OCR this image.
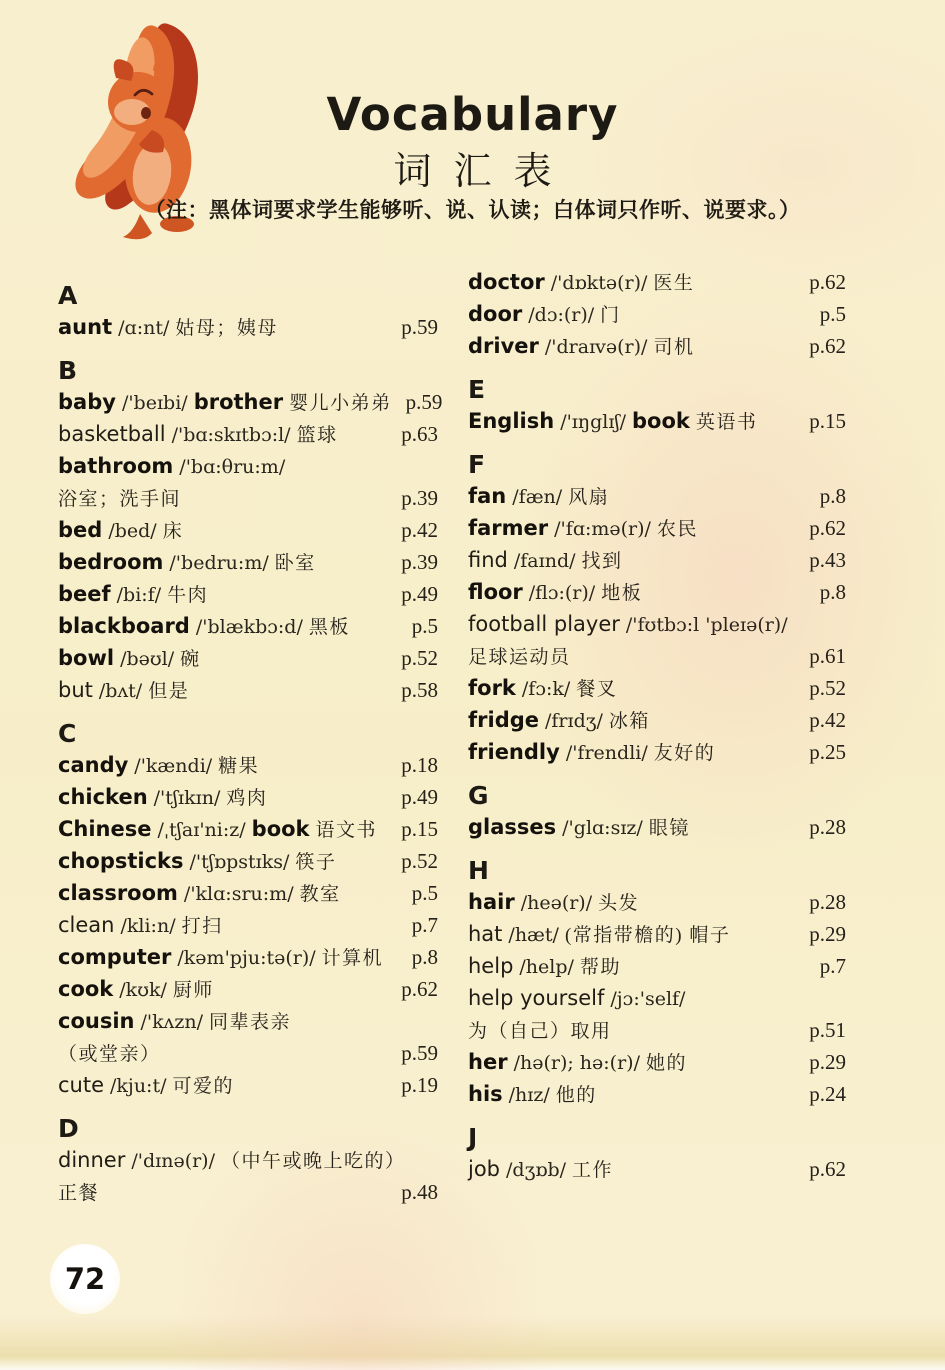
Vocabulary
词汇表
（注：黑体词要求学生能够听、说、认读；白体词只作听、说要求。）
A
aunt /ɑ:nt/ 姑母；姨母	p.59
B
baby /'beɪbi/ brother 婴儿小弟弟 p.59
basketball /'bɑ:skɪtbɔ:l/ 篮球	p.63
bathroom /'bɑ:θru:m/
浴室；洗手间	p.39
bed /bed/ 床	p.42
bedroom /'bedru:m/ 卧室	p.39
beef /bi:f/ 牛肉	p.49
blackboard /'blækbɔ:d/ 黑板	p.5
bowl /bəʊl/ 碗	p.52
but /bʌt/ 但是	p.58
C
candy /'kændi/ 糖果	p.18
chicken /'tʃɪkɪn/ 鸡肉	p.49
Chinese /ˌtʃaɪ'ni:z/ book 语文书 p.15
chopsticks /'tʃɒpstɪks/ 筷子	p.52
classroom /'klɑ:sru:m/ 教室	p.5
clean /kli:n/ 打扫	p.7
computer /kəm'pju:tə(r)/ 计算机 p.8
cook /kʊk/ 厨师	p.62
cousin /'kʌzn/ 同辈表亲
（或堂亲）	p.59
cute /kju:t/ 可爱的	p.19
D
dinner /'dɪnə(r)/ （中午或晚上吃的）
正餐	p.48
doctor /'dɒktə(r)/ 医生	p.62
door /dɔ:(r)/ 门	p.5
driver /'draɪvə(r)/ 司机	p.62
E
English /'ɪŋglɪʃ/ book 英语书 p.15
F
fan /fæn/ 风扇	p.8
farmer /'fɑ:mə(r)/ 农民	p.62
find /faɪnd/ 找到	p.43
floor /flɔ:(r)/ 地板	p.8
football player /'fʊtbɔ:l 'pleɪə(r)/
足球运动员	p.61
fork /fɔ:k/ 餐叉	p.52
fridge /frɪdʒ/ 冰箱	p.42
friendly /'frendli/ 友好的	p.25
G
glasses /'glɑ:sɪz/ 眼镜	p.28
H
hair /heə(r)/ 头发	p.28
hat /hæt/ (常指带檐的) 帽子	p.29
help /help/ 帮助	p.7
help yourself /jɔ:'self/
为（自己）取用	p.51
her /hə(r); hə:(r)/ 她的	p.29
his /hɪz/ 他的	p.24
J
job /dʒɒb/ 工作	p.62
72
